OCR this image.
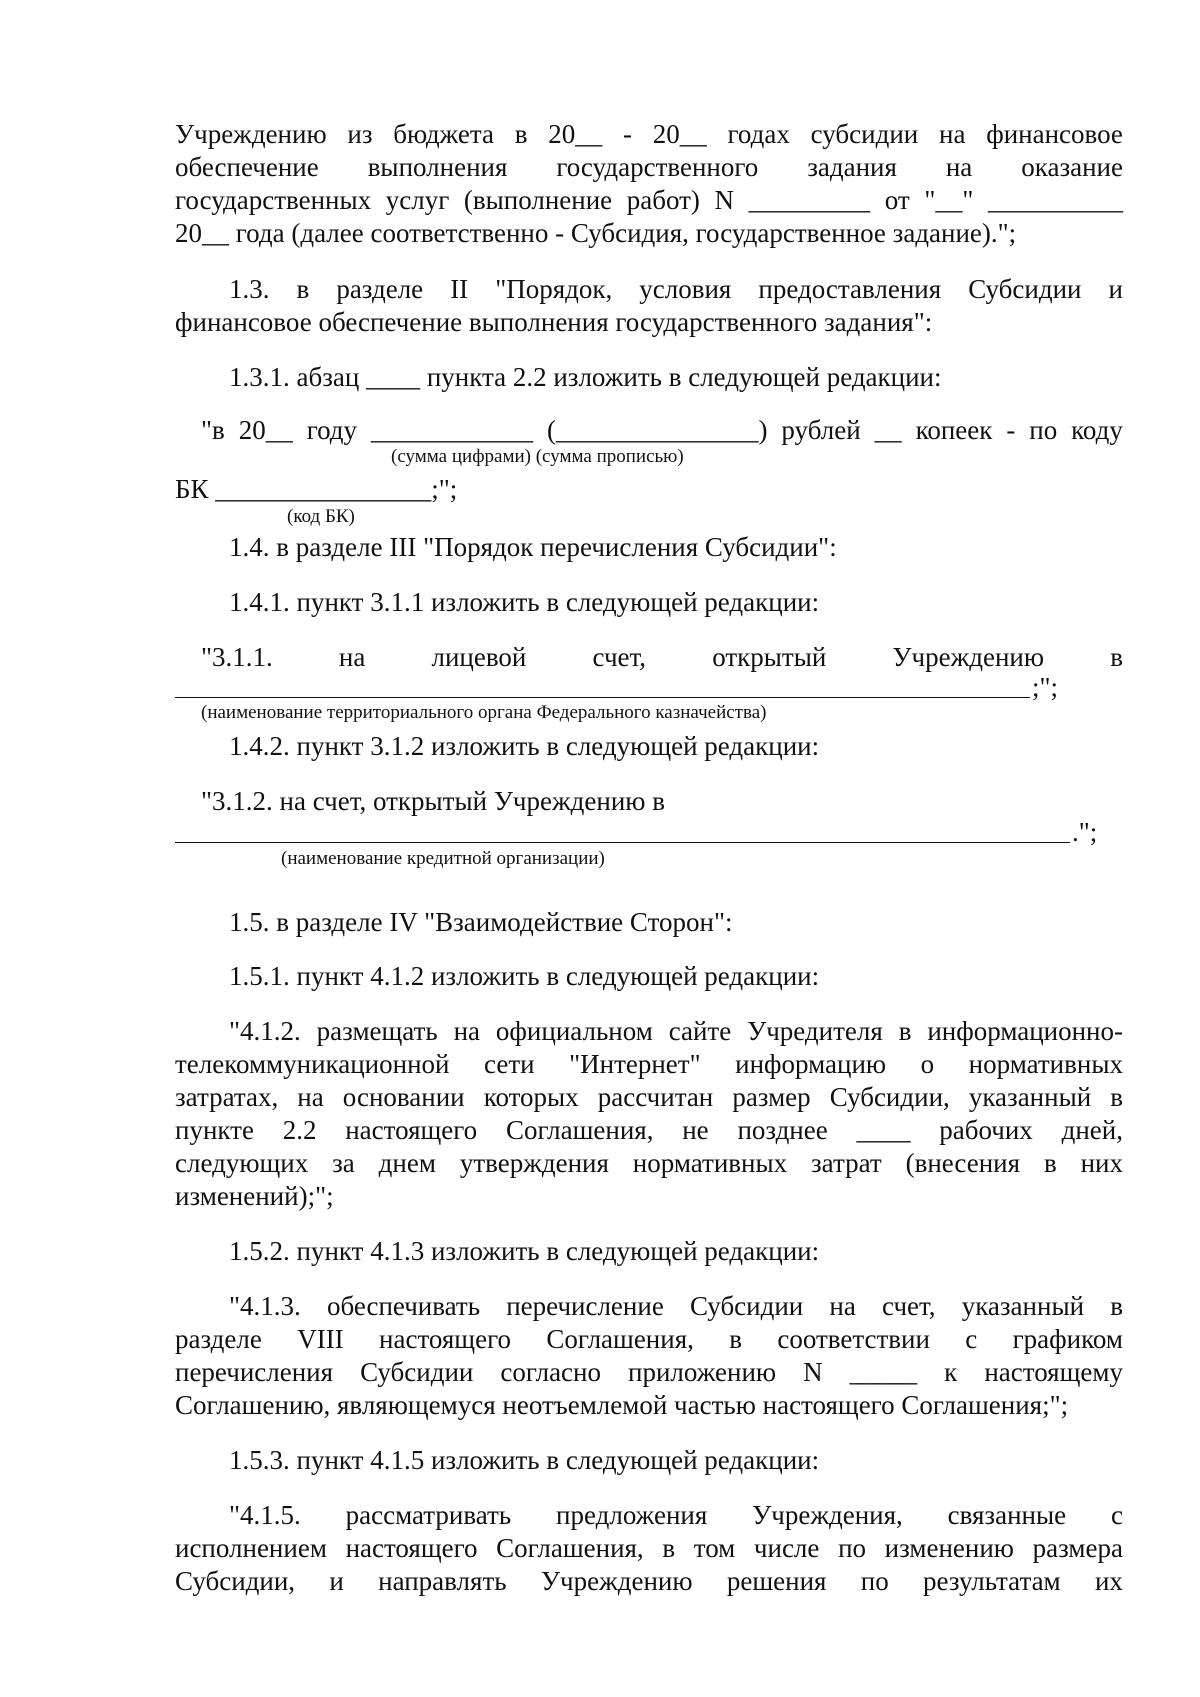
Учреждению из бюджета в 20__ - 20__ годах субсидии на финансовое
обеспечение выполнения государственного задания на оказание
государственных услуг (выполнение работ) N _________ от "__" __________
20__ года (далее соответственно - Субсидия, государственное задание).";
1.3. в разделе II "Порядок, условия предоставления Субсидии и
финансовое обеспечение выполнения государственного задания":
1.3.1. абзац ____ пункта 2.2 изложить в следующей редакции:
"в 20__ году ____________ (_______________) рублей __ копеек - по коду
(сумма цифрами) (сумма прописью)
БК ________________;";
(код БК)
1.4. в разделе III "Порядок перечисления Субсидии":
1.4.1. пункт 3.1.1 изложить в следующей редакции:
"3.1.1. на лицевой счет, открытый Учреждению в
;";
(наименование территориального органа Федерального казначейства)
1.4.2. пункт 3.1.2 изложить в следующей редакции:
"3.1.2. на счет, открытый Учреждению в
.";
(наименование кредитной организации)
1.5. в разделе IV "Взаимодействие Сторон":
1.5.1. пункт 4.1.2 изложить в следующей редакции:
"4.1.2. размещать на официальном сайте Учредителя в информационно-
телекоммуникационной сети "Интернет" информацию о нормативных
затратах, на основании которых рассчитан размер Субсидии, указанный в
пункте 2.2 настоящего Соглашения, не позднее ____ рабочих дней,
следующих за днем утверждения нормативных затрат (внесения в них
изменений);";
1.5.2. пункт 4.1.3 изложить в следующей редакции:
"4.1.3. обеспечивать перечисление Субсидии на счет, указанный в
разделе VIII настоящего Соглашения, в соответствии с графиком
перечисления Субсидии согласно приложению N _____ к настоящему
Соглашению, являющемуся неотъемлемой частью настоящего Соглашения;";
1.5.3. пункт 4.1.5 изложить в следующей редакции:
"4.1.5. рассматривать предложения Учреждения, связанные с
исполнением настоящего Соглашения, в том числе по изменению размера
Субсидии, и направлять Учреждению решения по результатам их
